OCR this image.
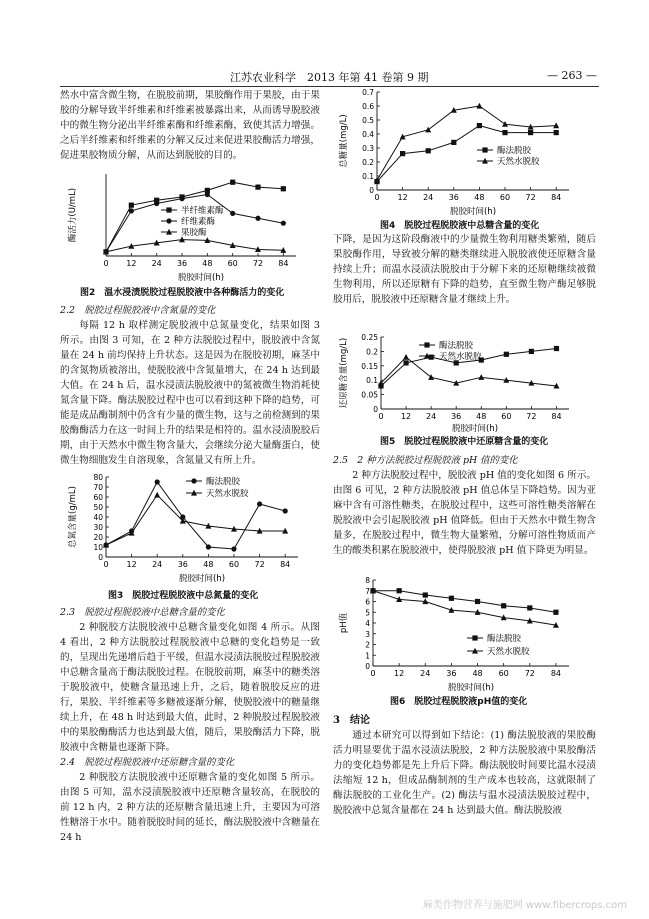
江苏农业科学　2013 年第 41 卷第 9 期	— 263 —

然水中富含微生物，在脱胶前期，果胶酶作用于果胶，由于果胶的分解导致半纤维素和纤维素被暴露出来，从而诱导脱胶液中的微生物分泌出半纤维素酶和纤维素酶，致使其活力增强。之后半纤维素和纤维素的分解又反过来促进果胶酶活力增强，促进果胶物质分解，从而达到脱胶的目的。

0 12 24 36 48 60 72 84
脱胶时间(h)
酶活力(U/mL)	半纤维素酶
纤维素酶
果胶酶
图2　温水浸渍脱胶过程脱胶液中各种酶活力的变化

2.2　脱胶过程脱胶液中含氮量的变化

每隔 12 h 取样测定脱胶液中总氮量变化，结果如图 3 所示。由图 3 可知，在 2 种方法脱胶过程中，脱胶液中含氮量在 24 h 前均保持上升状态。这是因为在脱胶初期，麻茎中的含氮物质被溶出，使脱胶液中含氮量增大，在 24 h 达到最大值。在 24 h 后，温水浸渍法脱胶液中的氮被微生物消耗使氮含量下降。酶法脱胶过程中也可以看到这种下降的趋势，可能是成品酶制剂中仍含有少量的微生物，这与之前检测到的果胶酶酶活力在这一时间上升的结果是相符的。温水浸渍脱胶后期，由于天然水中微生物含量大，会继续分泌大量酶蛋白，使微生物细胞发生自溶现象，含氮量又有所上升。

0 12 24 36 48 60 72 84
0
10
20
30
40
50
60
70
80
脱胶时间(h)
总氮含量(g/mL)
酶法脱胶
天然水脱胶
图3　脱胶过程脱胶液中总氮量的变化

2.3　脱胶过程脱胶液中总糖含量的变化

2 种脱胶方法脱胶液中总糖含量变化如图 4 所示。从图 4 看出，2 种方法脱胶过程脱胶液中总糖的变化趋势是一致的，呈现出先递增后趋于平缓，但温水浸渍法脱胶过程脱胶液中总糖含量高于酶法脱胶过程。在脱胶前期，麻茎中的糖类溶于脱胶液中，使糖含量迅速上升，之后，随着脱胶反应的进行，果胶、半纤维素等多糖被逐渐分解，使脱胶液中的糖量继续上升，在 48 h 时达到最大值，此时，2 种脱胶过程脱胶液中的果胶酶酶活力也达到最大值，随后，果胶酶活力下降，脱胶液中含糖量也逐渐下降。

2.4　脱胶过程脱胶液中还原糖含量的变化

2 种脱胶方法脱胶液中还原糖含量的变化如图 5 所示。由图 5 可知，温水浸渍脱胶液中还原糖含量较高，在脱胶的前 12 h 内，2 种方法的还原糖含量迅速上升，主要因为可溶性糖溶于水中。随着脱胶时间的延长，酶法脱胶液中含糖量在 24 h

0 12 24 36 48 60 72 84
0
0.1
0.2
0.3
0.4
0.5
0.6
0.7
脱胶时间(h)
总糖量(mg/L)	酶法脱胶
天然水脱胶
图4　脱胶过程脱胶液中总糖含量的变化

下降，是因为这阶段酶液中的少量微生物利用糖类繁殖，随后果胶酶作用，导致被分解的糖类继续进入脱胶液使还原糖含量持续上升；而温水浸渍法脱胶由于分解下来的还原糖继续被微生物利用，所以还原糖有下降的趋势，直至微生物产酶足够脱胶用后，脱胶液中还原糖含量才继续上升。

0 12 24 36 48 60 72 84
0
0.05
0.1
0.15
0.2
0.25
脱胶时间(h)
还原糖含量(mg/L)	酶法脱胶
天然水脱胶
图5　脱胶过程脱胶液中还原糖含量的变化

2.5　2 种方法脱胶过程脱胶液 pH 值的变化

2 种方法脱胶过程中，脱胶液 pH 值的变化如图 6 所示。由图 6 可见，2 种方法脱胶液 pH 值总体呈下降趋势。因为亚麻中含有可溶性糖类，在脱胶过程中，这些可溶性糖类溶解在脱胶液中会引起脱胶液 pH 值降低。但由于天然水中微生物含量多，在脱胶过程中，微生物大量繁殖，分解可溶性物质而产生的酸类积累在脱胶液中，使得脱胶液 pH 值下降更为明显。

0 12 24 36 48 60 72 84
0
1
2
3
4
5
6
7
8
脱胶时间(h)
pH值
酶法脱胶
天然水脱胶
图6　脱胶过程脱胶液pH值的变化

3　结论

通过本研究可以得到如下结论：(1) 酶法脱胶液的果胶酶活力明显要优于温水浸渍法脱胶，2 种方法脱胶液中果胶酶活力的变化趋势都是先上升后下降。酶法脱胶时间要比温水浸渍法缩短 12 h，但成品酶制剂的生产成本也较高，这就限制了酶法脱胶的工业化生产。(2) 酶法与温水浸渍法脱胶过程中，脱胶液中总氮含量都在 24 h 达到最大值。酶法脱胶液

麻类作物营养与施肥网 www.fibercrops.com
